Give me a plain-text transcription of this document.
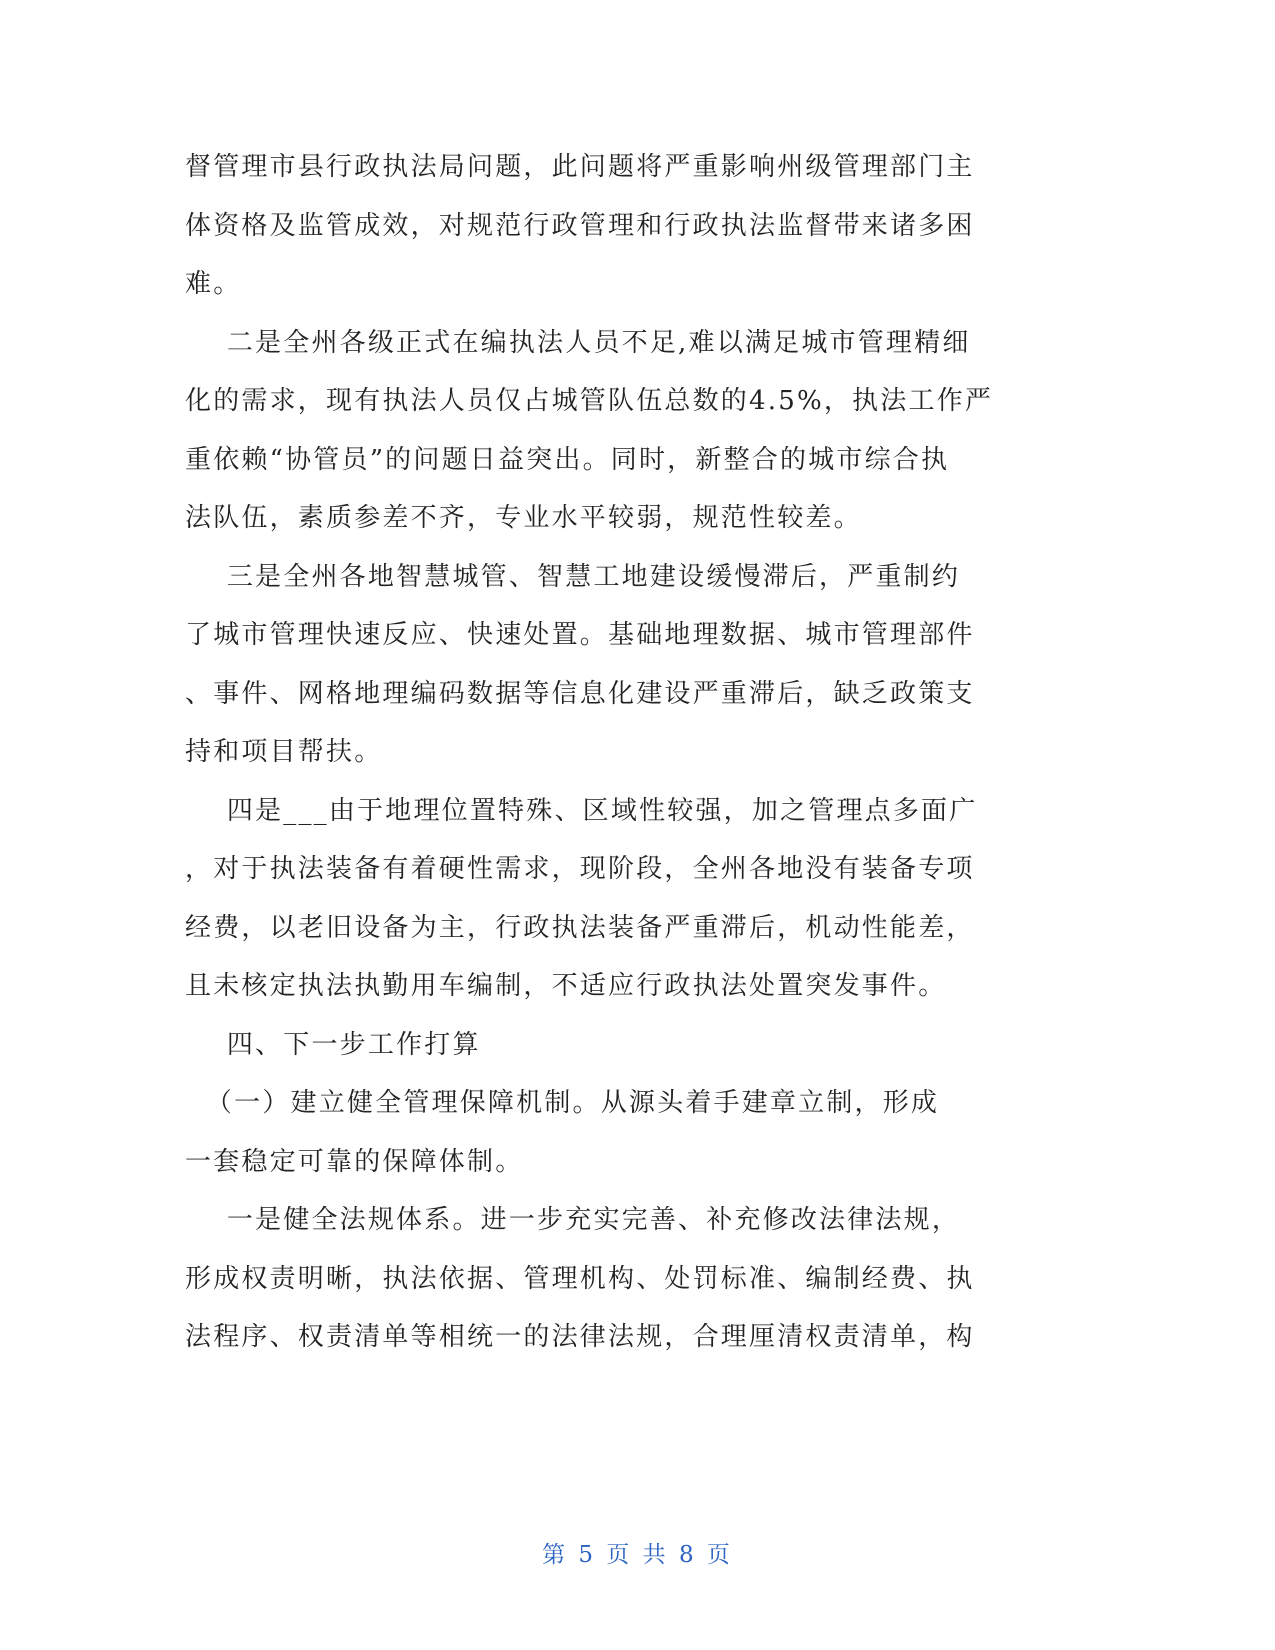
督管理市县行政执法局问题，此问题将严重影响州级管理部门主
体资格及监管成效，对规范行政管理和行政执法监督带来诸多困
难。
二是全州各级正式在编执法人员不足,难以满足城市管理精细
化的需求，现有执法人员仅占城管队伍总数的4.5%，执法工作严
重依赖“协管员”的问题日益突出。同时，新整合的城市综合执
法队伍，素质参差不齐，专业水平较弱，规范性较差。
三是全州各地智慧城管、智慧工地建设缓慢滞后，严重制约
了城市管理快速反应、快速处置。基础地理数据、城市管理部件
、事件、网格地理编码数据等信息化建设严重滞后，缺乏政策支
持和项目帮扶。
四是___由于地理位置特殊、区域性较强，加之管理点多面广
，对于执法装备有着硬性需求，现阶段，全州各地没有装备专项
经费，以老旧设备为主，行政执法装备严重滞后，机动性能差，
且未核定执法执勤用车编制，不适应行政执法处置突发事件。
四、下一步工作打算
（一）建立健全管理保障机制。从源头着手建章立制，形成
一套稳定可靠的保障体制。
一是健全法规体系。进一步充实完善、补充修改法律法规，
形成权责明晰，执法依据、管理机构、处罚标准、编制经费、执
法程序、权责清单等相统一的法律法规，合理厘清权责清单，构
第 5 页 共 8 页
